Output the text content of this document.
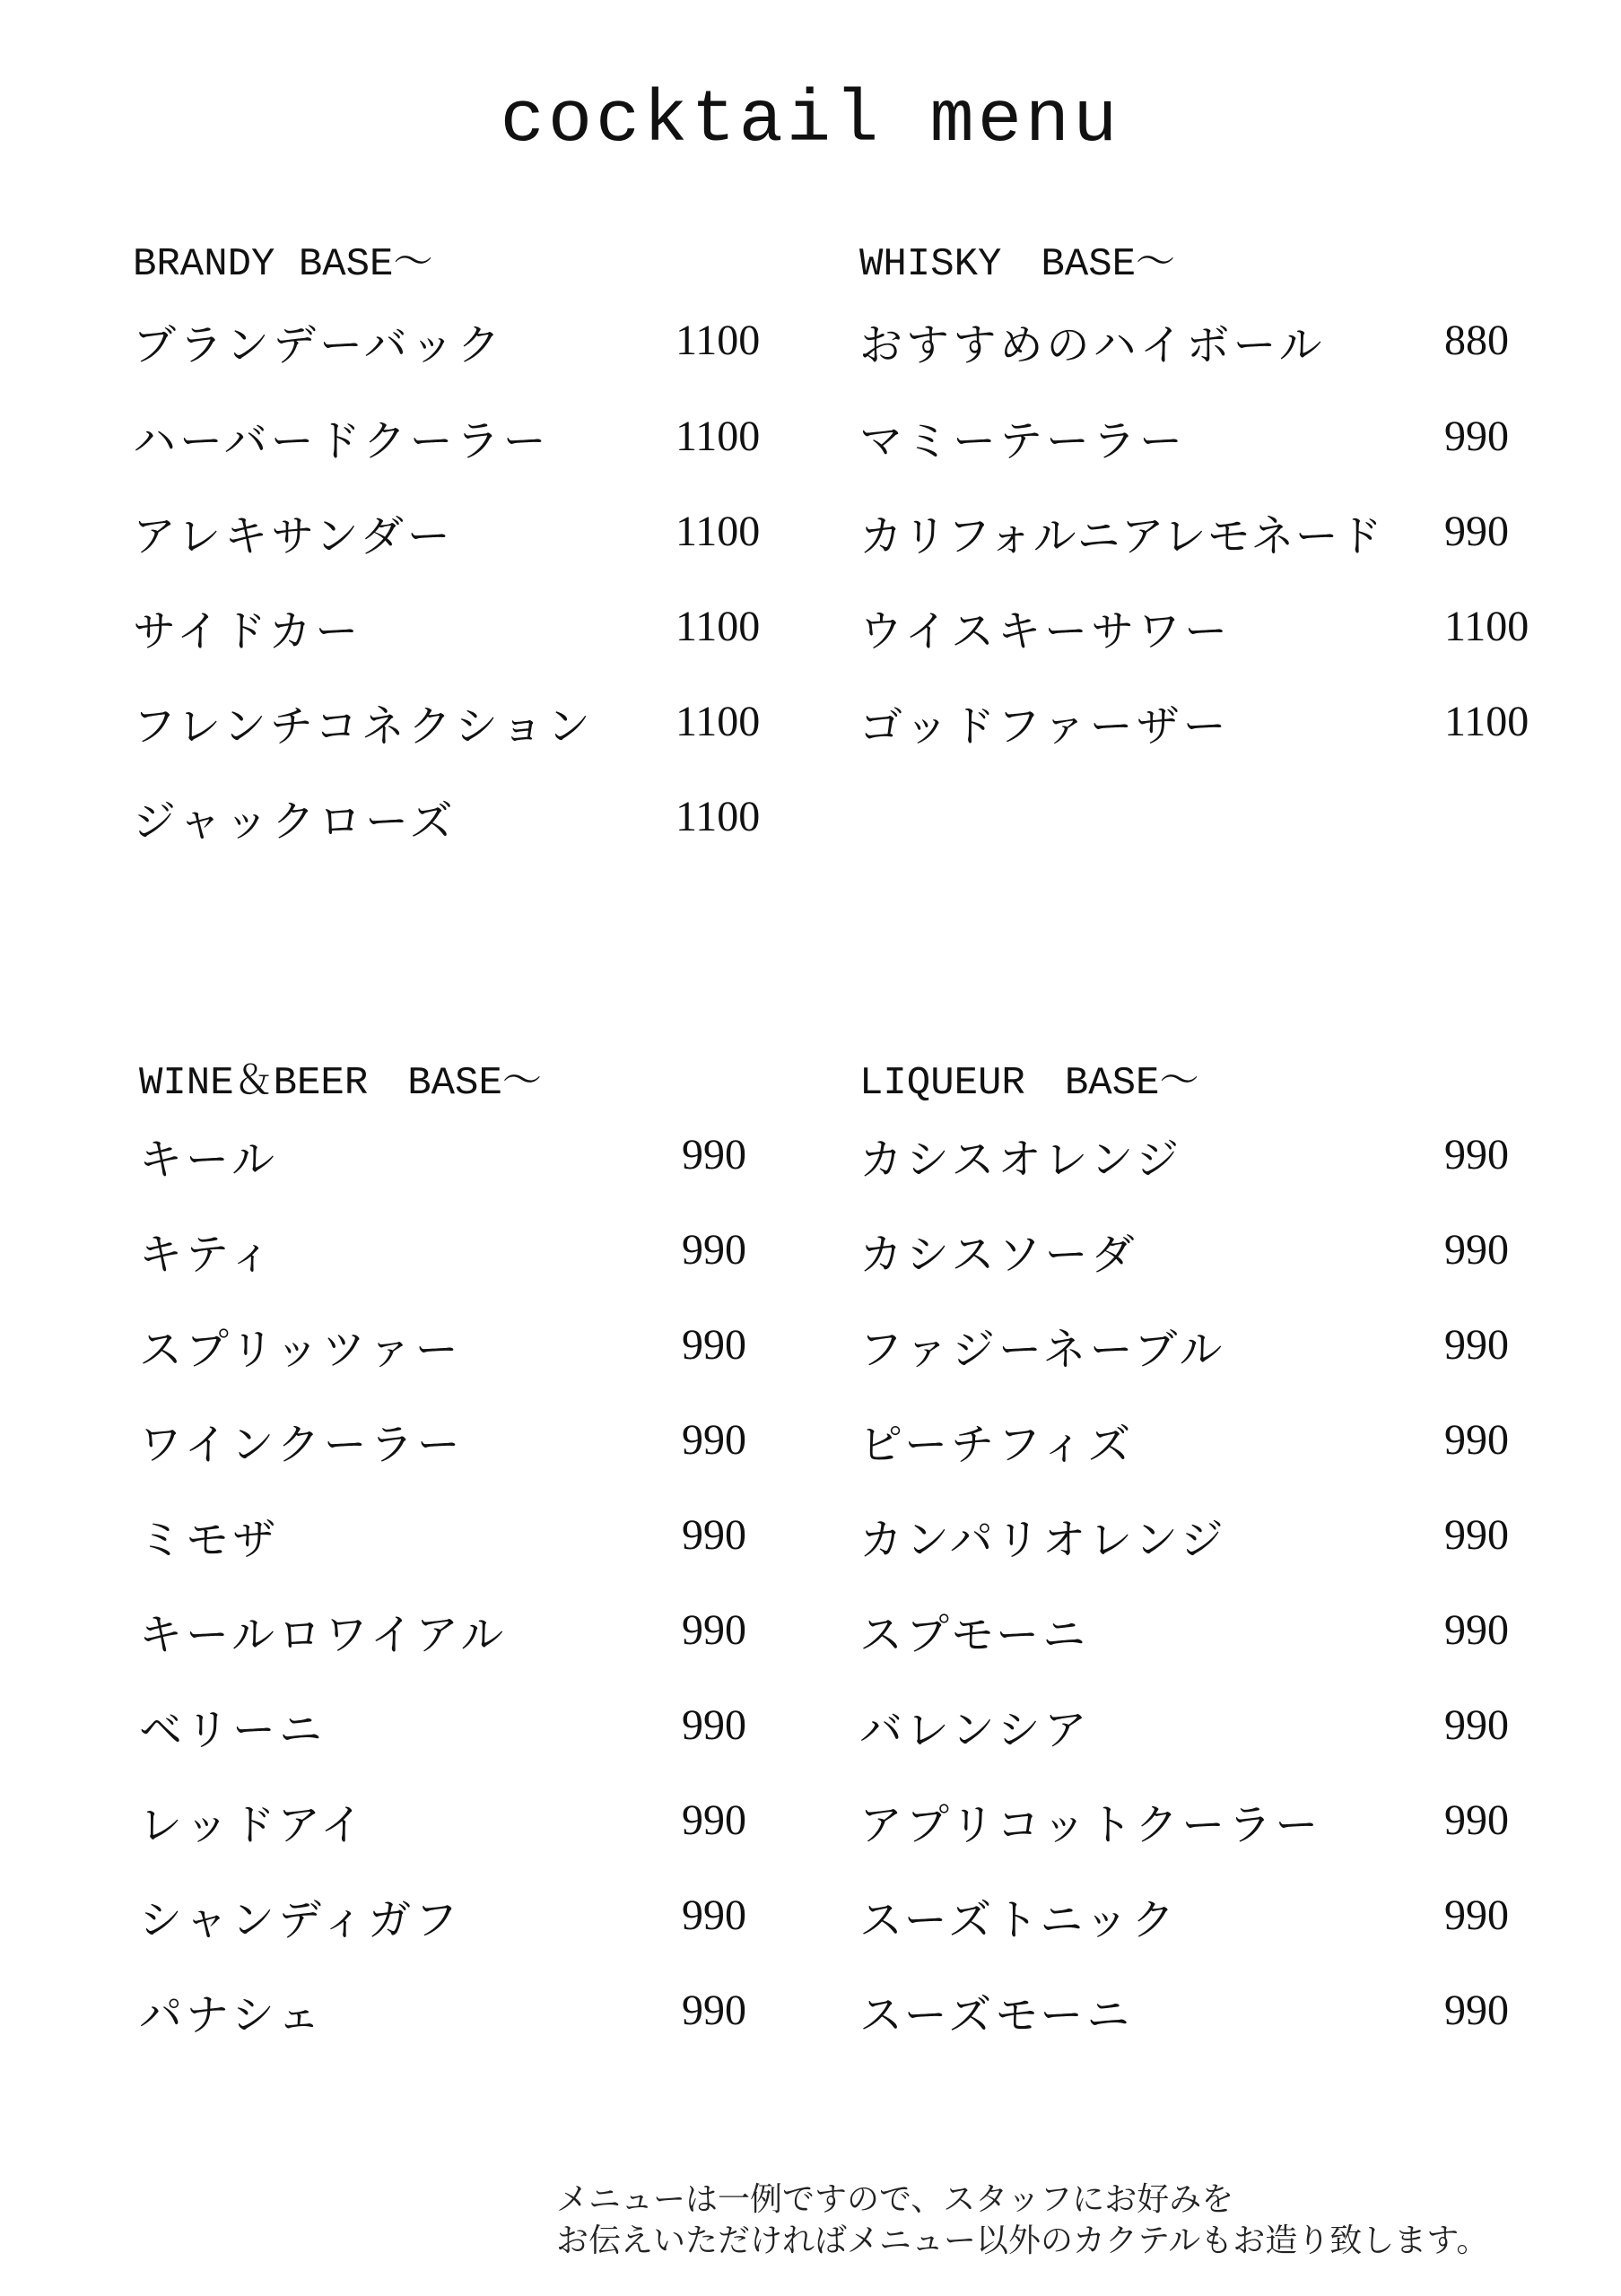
cocktail menu
BRANDY BASE～
ブランデーバック	1100
ハーバードクーラー	1100
アレキサンダー	1100
サイドカー	1100
フレンチコネクション 1100
ジャックローズ	1100
WHISKY　BASE～
おすすめのハイボール	880
マミーテーラー	990
カリフォルニアレモネード 990
ウイスキーサワー	1100
ゴッドファーザー	1100
WINE＆BEER　BASE～
キール	990
キティ	990
スプリッツァー	990
ワインクーラー	990
ミモザ	990
キールロワイアル	990
ベリーニ	990
レッドアイ	990
シャンディガフ	990
パナシェ	990
LIQUEUR　BASE～
カシスオレンジ	990
カシスソーダ	990
ファジーネーブル	990
ピーチフィズ	990
カンパリオレンジ	990
スプモーニ	990
バレンシア	990
アプリコットクーラー	990
スーズトニック	990
スーズモーニ	990
メニューは一例ですので、スタッフにお好みを
お伝えいただければメニュー以外のカクテルもお造り致します。
